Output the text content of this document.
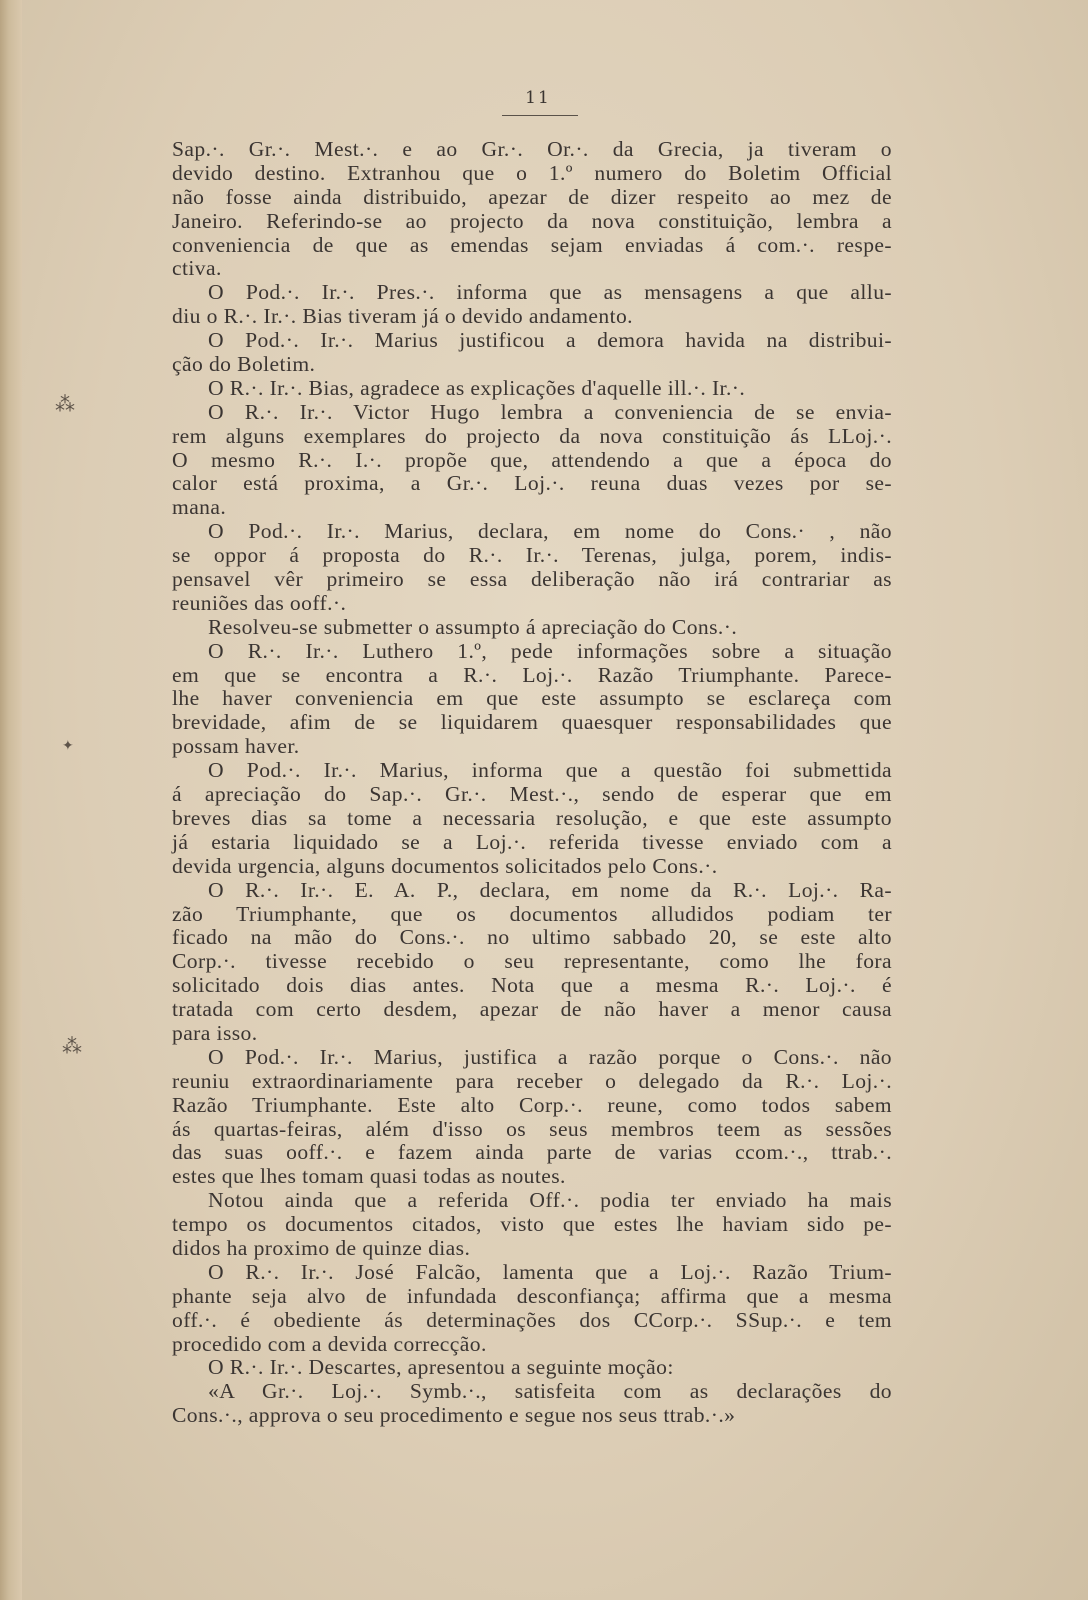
⁂
✦
⁂
11
Sap.·. Gr.·. Mest.·. e ao Gr.·. Or.·. da Grecia, ja tiveram o
devido destino. Extranhou que o 1.º numero do Boletim Official
não fosse ainda distribuido, apezar de dizer respeito ao mez de
Janeiro. Referindo-se ao projecto da nova constituição, lembra a
conveniencia de que as emendas sejam enviadas á com.·. respe-
ctiva.
O Pod.·. Ir.·. Pres.·. informa que as mensagens a que allu-
diu o R.·. Ir.·. Bias tiveram já o devido andamento.
O Pod.·. Ir.·. Marius justificou a demora havida na distribui-
ção do Boletim.
O R.·. Ir.·. Bias, agradece as explicações d'aquelle ill.·. Ir.·.
O R.·. Ir.·. Victor Hugo lembra a conveniencia de se envia-
rem alguns exemplares do projecto da nova constituição ás LLoj.·.
O mesmo R.·. I.·. propõe que, attendendo a que a época do
calor está proxima, a Gr.·. Loj.·. reuna duas vezes por se-
mana.
O Pod.·. Ir.·. Marius, declara, em nome do Cons.· , não
se oppor á proposta do R.·. Ir.·. Terenas, julga, porem, indis-
pensavel vêr primeiro se essa deliberação não irá contrariar as
reuniões das ooff.·.
Resolveu-se submetter o assumpto á apreciação do Cons.·.
O R.·. Ir.·. Luthero 1.º, pede informações sobre a situação
em que se encontra a R.·. Loj.·. Razão Triumphante. Parece-
lhe haver conveniencia em que este assumpto se esclareça com
brevidade, afim de se liquidarem quaesquer responsabilidades que
possam haver.
O Pod.·. Ir.·. Marius, informa que a questão foi submettida
á apreciação do Sap.·. Gr.·. Mest.·., sendo de esperar que em
breves dias sa tome a necessaria resolução, e que este assumpto
já estaria liquidado se a Loj.·. referida tivesse enviado com a
devida urgencia, alguns documentos solicitados pelo Cons.·.
O R.·. Ir.·. E. A. P., declara, em nome da R.·. Loj.·. Ra-
zão Triumphante, que os documentos alludidos podiam ter
ficado na mão do Cons.·. no ultimo sabbado 20, se este alto
Corp.·. tivesse recebido o seu representante, como lhe fora
solicitado dois dias antes. Nota que a mesma R.·. Loj.·. é
tratada com certo desdem, apezar de não haver a menor causa
para isso.
O Pod.·. Ir.·. Marius, justifica a razão porque o Cons.·. não
reuniu extraordinariamente para receber o delegado da R.·. Loj.·.
Razão Triumphante. Este alto Corp.·. reune, como todos sabem
ás quartas-feiras, além d'isso os seus membros teem as sessões
das suas ooff.·. e fazem ainda parte de varias ccom.·., ttrab.·.
estes que lhes tomam quasi todas as noutes.
Notou ainda que a referida Off.·. podia ter enviado ha mais
tempo os documentos citados, visto que estes lhe haviam sido pe-
didos ha proximo de quinze dias.
O R.·. Ir.·. José Falcão, lamenta que a Loj.·. Razão Trium-
phante seja alvo de infundada desconfiança; affirma que a mesma
off.·. é obediente ás determinações dos CCorp.·. SSup.·. e tem
procedido com a devida correcção.
O R.·. Ir.·. Descartes, apresentou a seguinte moção:
«A Gr.·. Loj.·. Symb.·., satisfeita com as declarações do
Cons.·., approva o seu procedimento e segue nos seus ttrab.·.»
